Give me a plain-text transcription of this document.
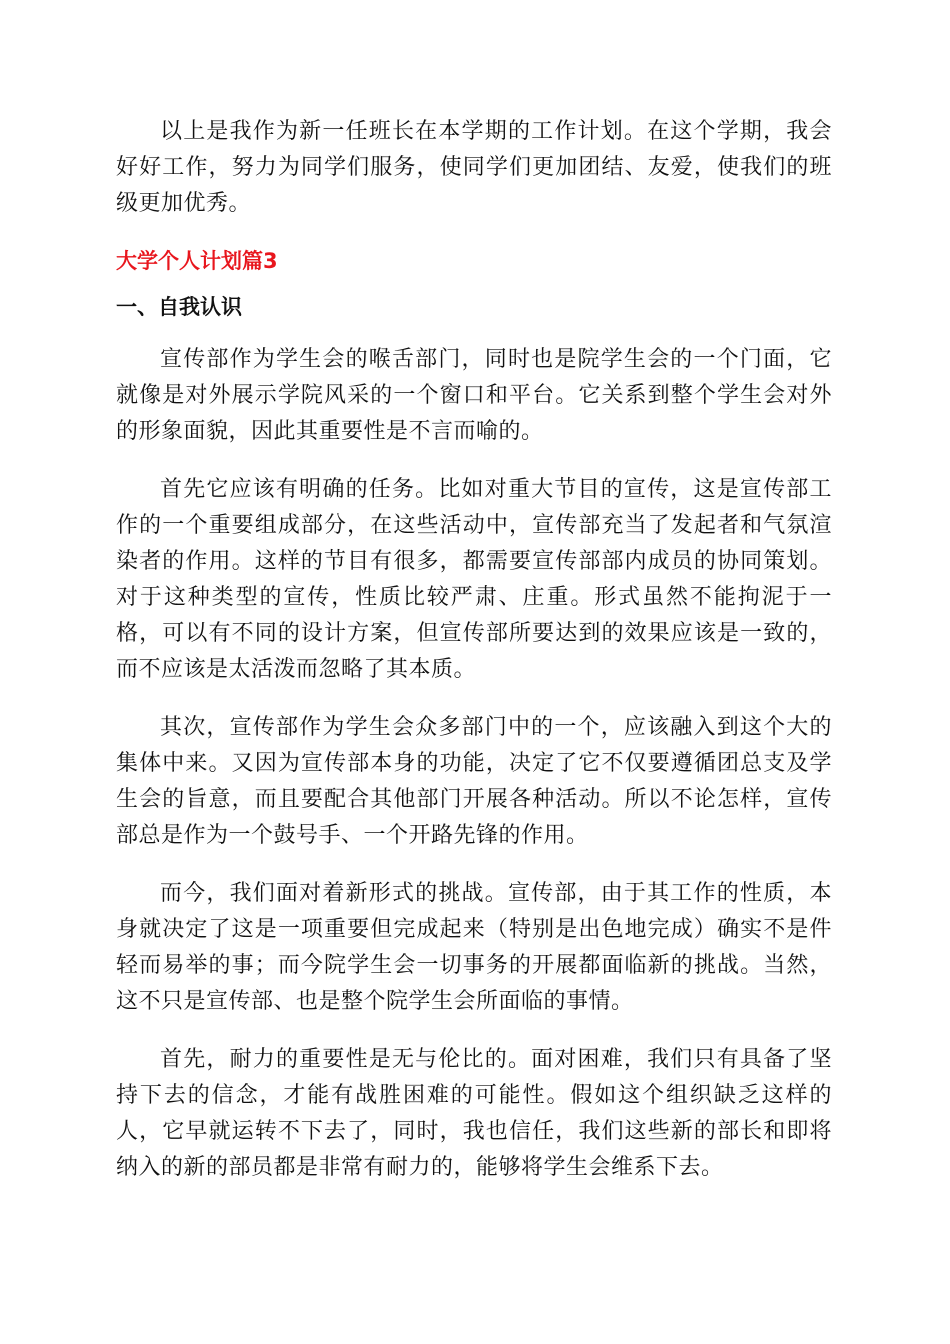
以上是我作为新一任班长在本学期的工作计划。在这个学期，我会好好工作，努力为同学们服务，使同学们更加团结、友爱，使我们的班级更加优秀。

大学个人计划篇3
一、自我认识

宣传部作为学生会的喉舌部门，同时也是院学生会的一个门面，它就像是对外展示学院风采的一个窗口和平台。它关系到整个学生会对外的形象面貌，因此其重要性是不言而喻的。

首先它应该有明确的任务。比如对重大节目的宣传，这是宣传部工作的一个重要组成部分，在这些活动中，宣传部充当了发起者和气氛渲染者的作用。这样的节目有很多，都需要宣传部部内成员的协同策划。对于这种类型的宣传，性质比较严肃、庄重。形式虽然不能拘泥于一格，可以有不同的设计方案，但宣传部所要达到的效果应该是一致的，而不应该是太活泼而忽略了其本质。

其次，宣传部作为学生会众多部门中的一个，应该融入到这个大的集体中来。又因为宣传部本身的功能，决定了它不仅要遵循团总支及学生会的旨意，而且要配合其他部门开展各种活动。所以不论怎样，宣传部总是作为一个鼓号手、一个开路先锋的作用。

而今，我们面对着新形式的挑战。宣传部，由于其工作的性质，本身就决定了这是一项重要但完成起来（特别是出色地完成）确实不是件轻而易举的事；而今院学生会一切事务的开展都面临新的挑战。当然，这不只是宣传部、也是整个院学生会所面临的事情。

首先，耐力的重要性是无与伦比的。面对困难，我们只有具备了坚持下去的信念，才能有战胜困难的可能性。假如这个组织缺乏这样的人，它早就运转不下去了，同时，我也信任，我们这些新的部长和即将纳入的新的部员都是非常有耐力的，能够将学生会维系下去。
